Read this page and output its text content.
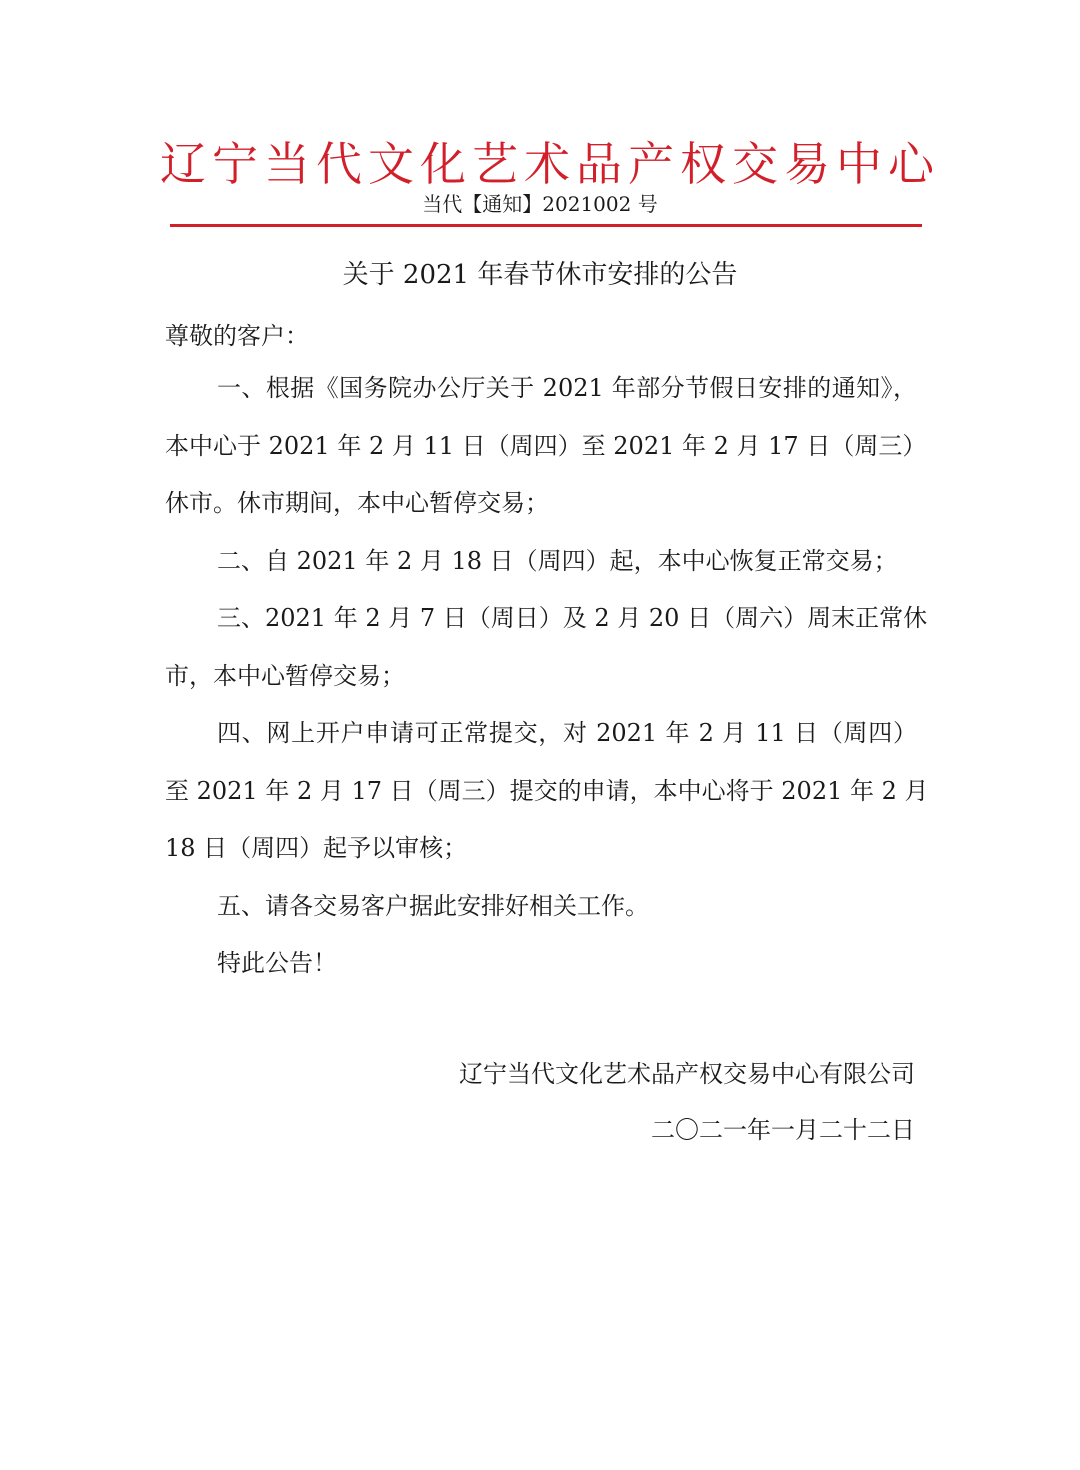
辽宁当代文化艺术品产权交易中心
当代【通知】2021002 号
关于 2021 年春节休市安排的公告
尊敬的客户：
一、根据《国务院办公厅关于 2021 年部分节假日安排的通知》，
本中心于 2021 年 2 月 11 日（周四）至 2021 年 2 月 17 日（周三）
休市。休市期间，本中心暂停交易；
二、自 2021 年 2 月 18 日（周四）起，本中心恢复正常交易；
三、2021 年 2 月 7 日（周日）及 2 月 20 日（周六）周末正常休
市，本中心暂停交易；
四、网上开户申请可正常提交，对 2021 年 2 月 11 日（周四）
至 2021 年 2 月 17 日（周三）提交的申请，本中心将于 2021 年 2 月
18 日（周四）起予以审核；
五、请各交易客户据此安排好相关工作。
特此公告！
辽宁当代文化艺术品产权交易中心有限公司
二〇二一年一月二十二日
